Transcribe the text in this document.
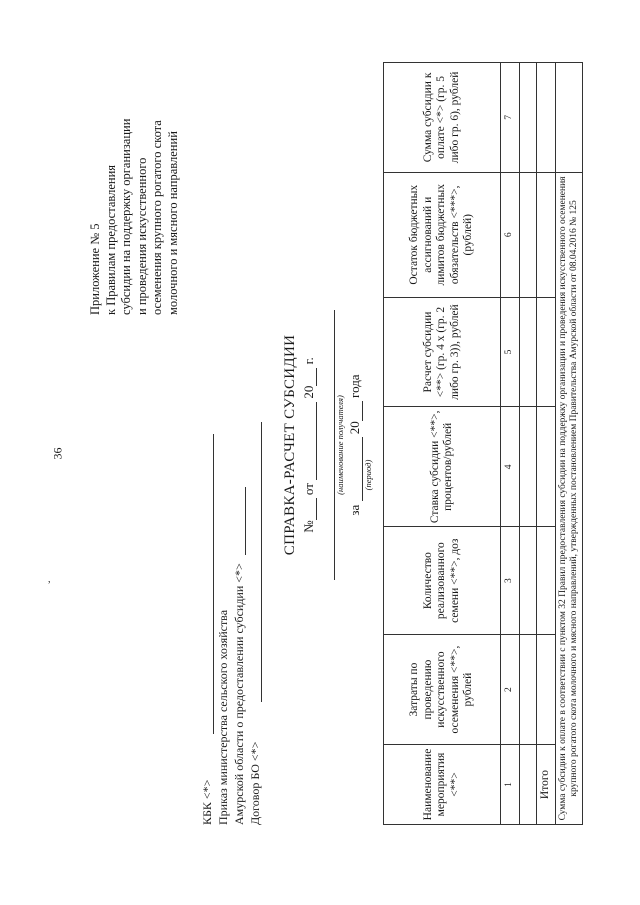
36
,
Приложение № 5 к Правилам предоставления субсидии на поддержку организации и проведения искусственного осеменения крупного рогатого скота молочного и мясного направлений
КБК <*> Приказ министерства сельского хозяйства Амурской области о предоставлении субсидии <*> Договор БО <*>
СПРАВКА-РАСЧЕТ СУБСИДИИ № от  20 г.
(наименование получателя)
за  20 года
(период)
Наименование мероприятия <**>	Затраты по проведению искусственного осеменения <**>, рублей	Количество реализованного семени <**>, доз	Ставка субсидии <**>, процентов/рублей	Расчет субсидии <**> (гр. 4 x (гр. 2 либо гр. 3)), рублей	Остаток бюджетных ассигнований и лимитов бюджетных обязательств <***>, (рублей)	Сумма субсидии к оплате <*> (гр. 5 либо гр. 6), рублей
1	2	3	4	5	6	7

Итого						
Сумма субсидии к оплате в соответствии с пунктом 32 Правил предоставления субсидии на поддержку организации и проведения искусственного осеменения крупного рогатого скота молочного и мясного направлений, утвержденных постановлением Правительства Амурской области от 08.04.2016 № 125						
